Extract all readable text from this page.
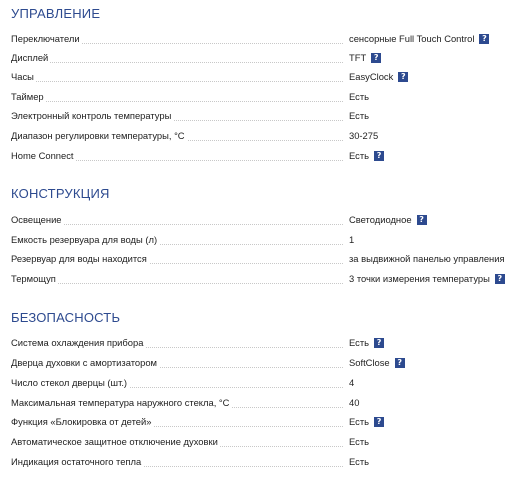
УПРАВЛЕНИЕ
Переключатели	сенсорные Full Touch Control ?
Дисплей	TFT ?
Часы	EasyClock ?
Таймер	Есть
Электронный контроль температуры	Есть
Диапазон регулировки температуры, °C	30-275
Home Connect	Есть ?
КОНСТРУКЦИЯ
Освещение	Светодиодное ?
Емкость резервуара для воды (л)	1
Резервуар для воды находится	за выдвижной панелью управления
Термощуп	3 точки измерения температуры ?
БЕЗОПАСНОСТЬ
Система охлаждения прибора	Есть ?
Дверца духовки с амортизатором	SoftClose ?
Число стекол дверцы (шт.)	4
Максимальная температура наружного стекла, °C	40
Функция «Блокировка от детей»	Есть ?
Автоматическое защитное отключение духовки	Есть
Индикация остаточного тепла	Есть
